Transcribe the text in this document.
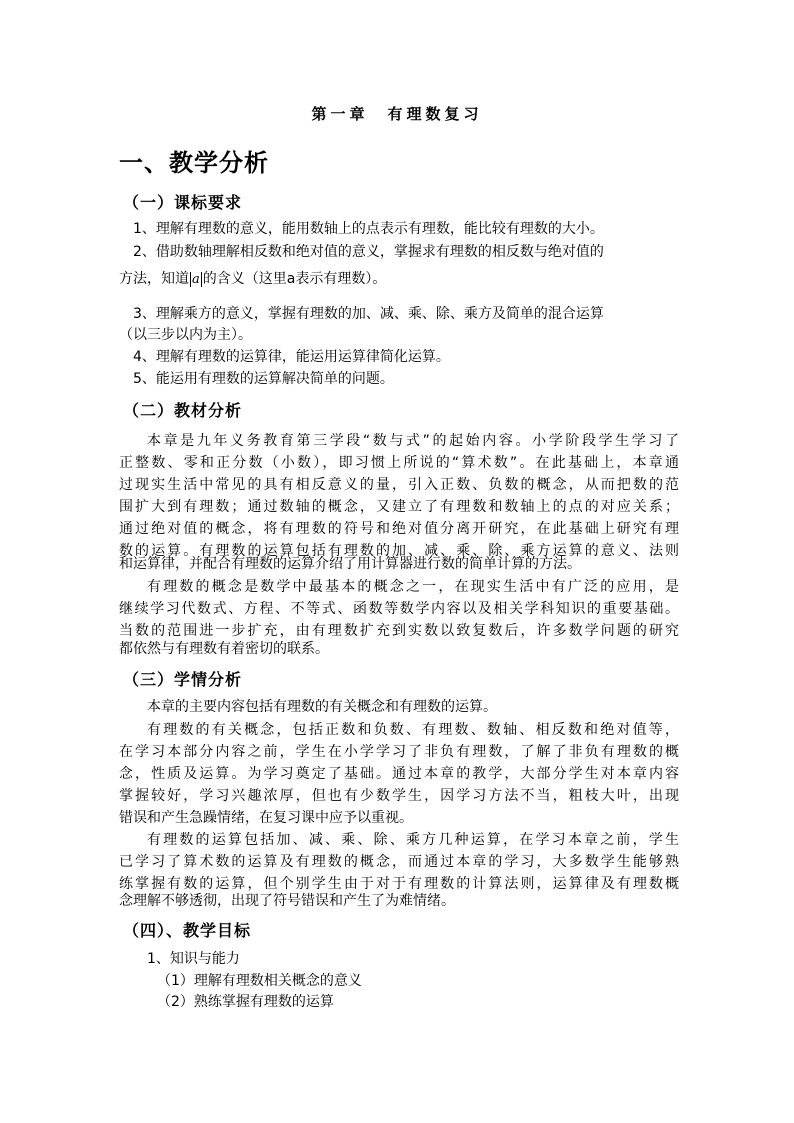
第一章　有理数复习
一、教学分析
（一）课标要求
1、理解有理数的意义，能用数轴上的点表示有理数，能比较有理数的大小。
2、借助数轴理解相反数和绝对值的意义，掌握求有理数的相反数与绝对值的
方法，知道 a 的含义（这里a表示有理数）。
3、理解乘方的意义，掌握有理数的加、减、乘、除、乘方及简单的混合运算
（以三步以内为主）。
4、理解有理数的运算律，能运用运算律简化运算。
5、能运用有理数的运算解决简单的问题。
（二）教材分析
本章是九年义务教育第三学段“数与式”的起始内容。小学阶段学生学习了
正整数、零和正分数（小数），即习惯上所说的“算术数”。在此基础上，本章通
过现实生活中常见的具有相反意义的量，引入正数、负数的概念，从而把数的范
围扩大到有理数；通过数轴的概念，又建立了有理数和数轴上的点的对应关系；
通过绝对值的概念，将有理数的符号和绝对值分离开研究，在此基础上研究有理
数的运算。有理数的运算包括有理数的加、减、乘、除、乘方运算的意义、法则
和运算律，并配合有理数的运算介绍了用计算器进行数的简单计算的方法。
有理数的概念是数学中最基本的概念之一，在现实生活中有广泛的应用，是
继续学习代数式、方程、不等式、函数等数学内容以及相关学科知识的重要基础。
当数的范围进一步扩充，由有理数扩充到实数以致复数后，许多数学问题的研究
都依然与有理数有着密切的联系。
（三）学情分析
本章的主要内容包括有理数的有关概念和有理数的运算。
有理数的有关概念，包括正数和负数、有理数、数轴、相反数和绝对值等，
在学习本部分内容之前，学生在小学学习了非负有理数，了解了非负有理数的概
念，性质及运算。为学习奠定了基础。通过本章的教学，大部分学生对本章内容
掌握较好，学习兴趣浓厚，但也有少数学生，因学习方法不当，粗枝大叶，出现
错误和产生急躁情绪，在复习课中应予以重视。
有理数的运算包括加、减、乘、除、乘方几种运算，在学习本章之前，学生
已学习了算术数的运算及有理数的概念，而通过本章的学习，大多数学生能够熟
练掌握有数的运算，但个别学生由于对于有理数的计算法则，运算律及有理数概
念理解不够透彻，出现了符号错误和产生了为难情绪。
（四）、教学目标
1、知识与能力
（1）理解有理数相关概念的意义
（2）熟练掌握有理数的运算
